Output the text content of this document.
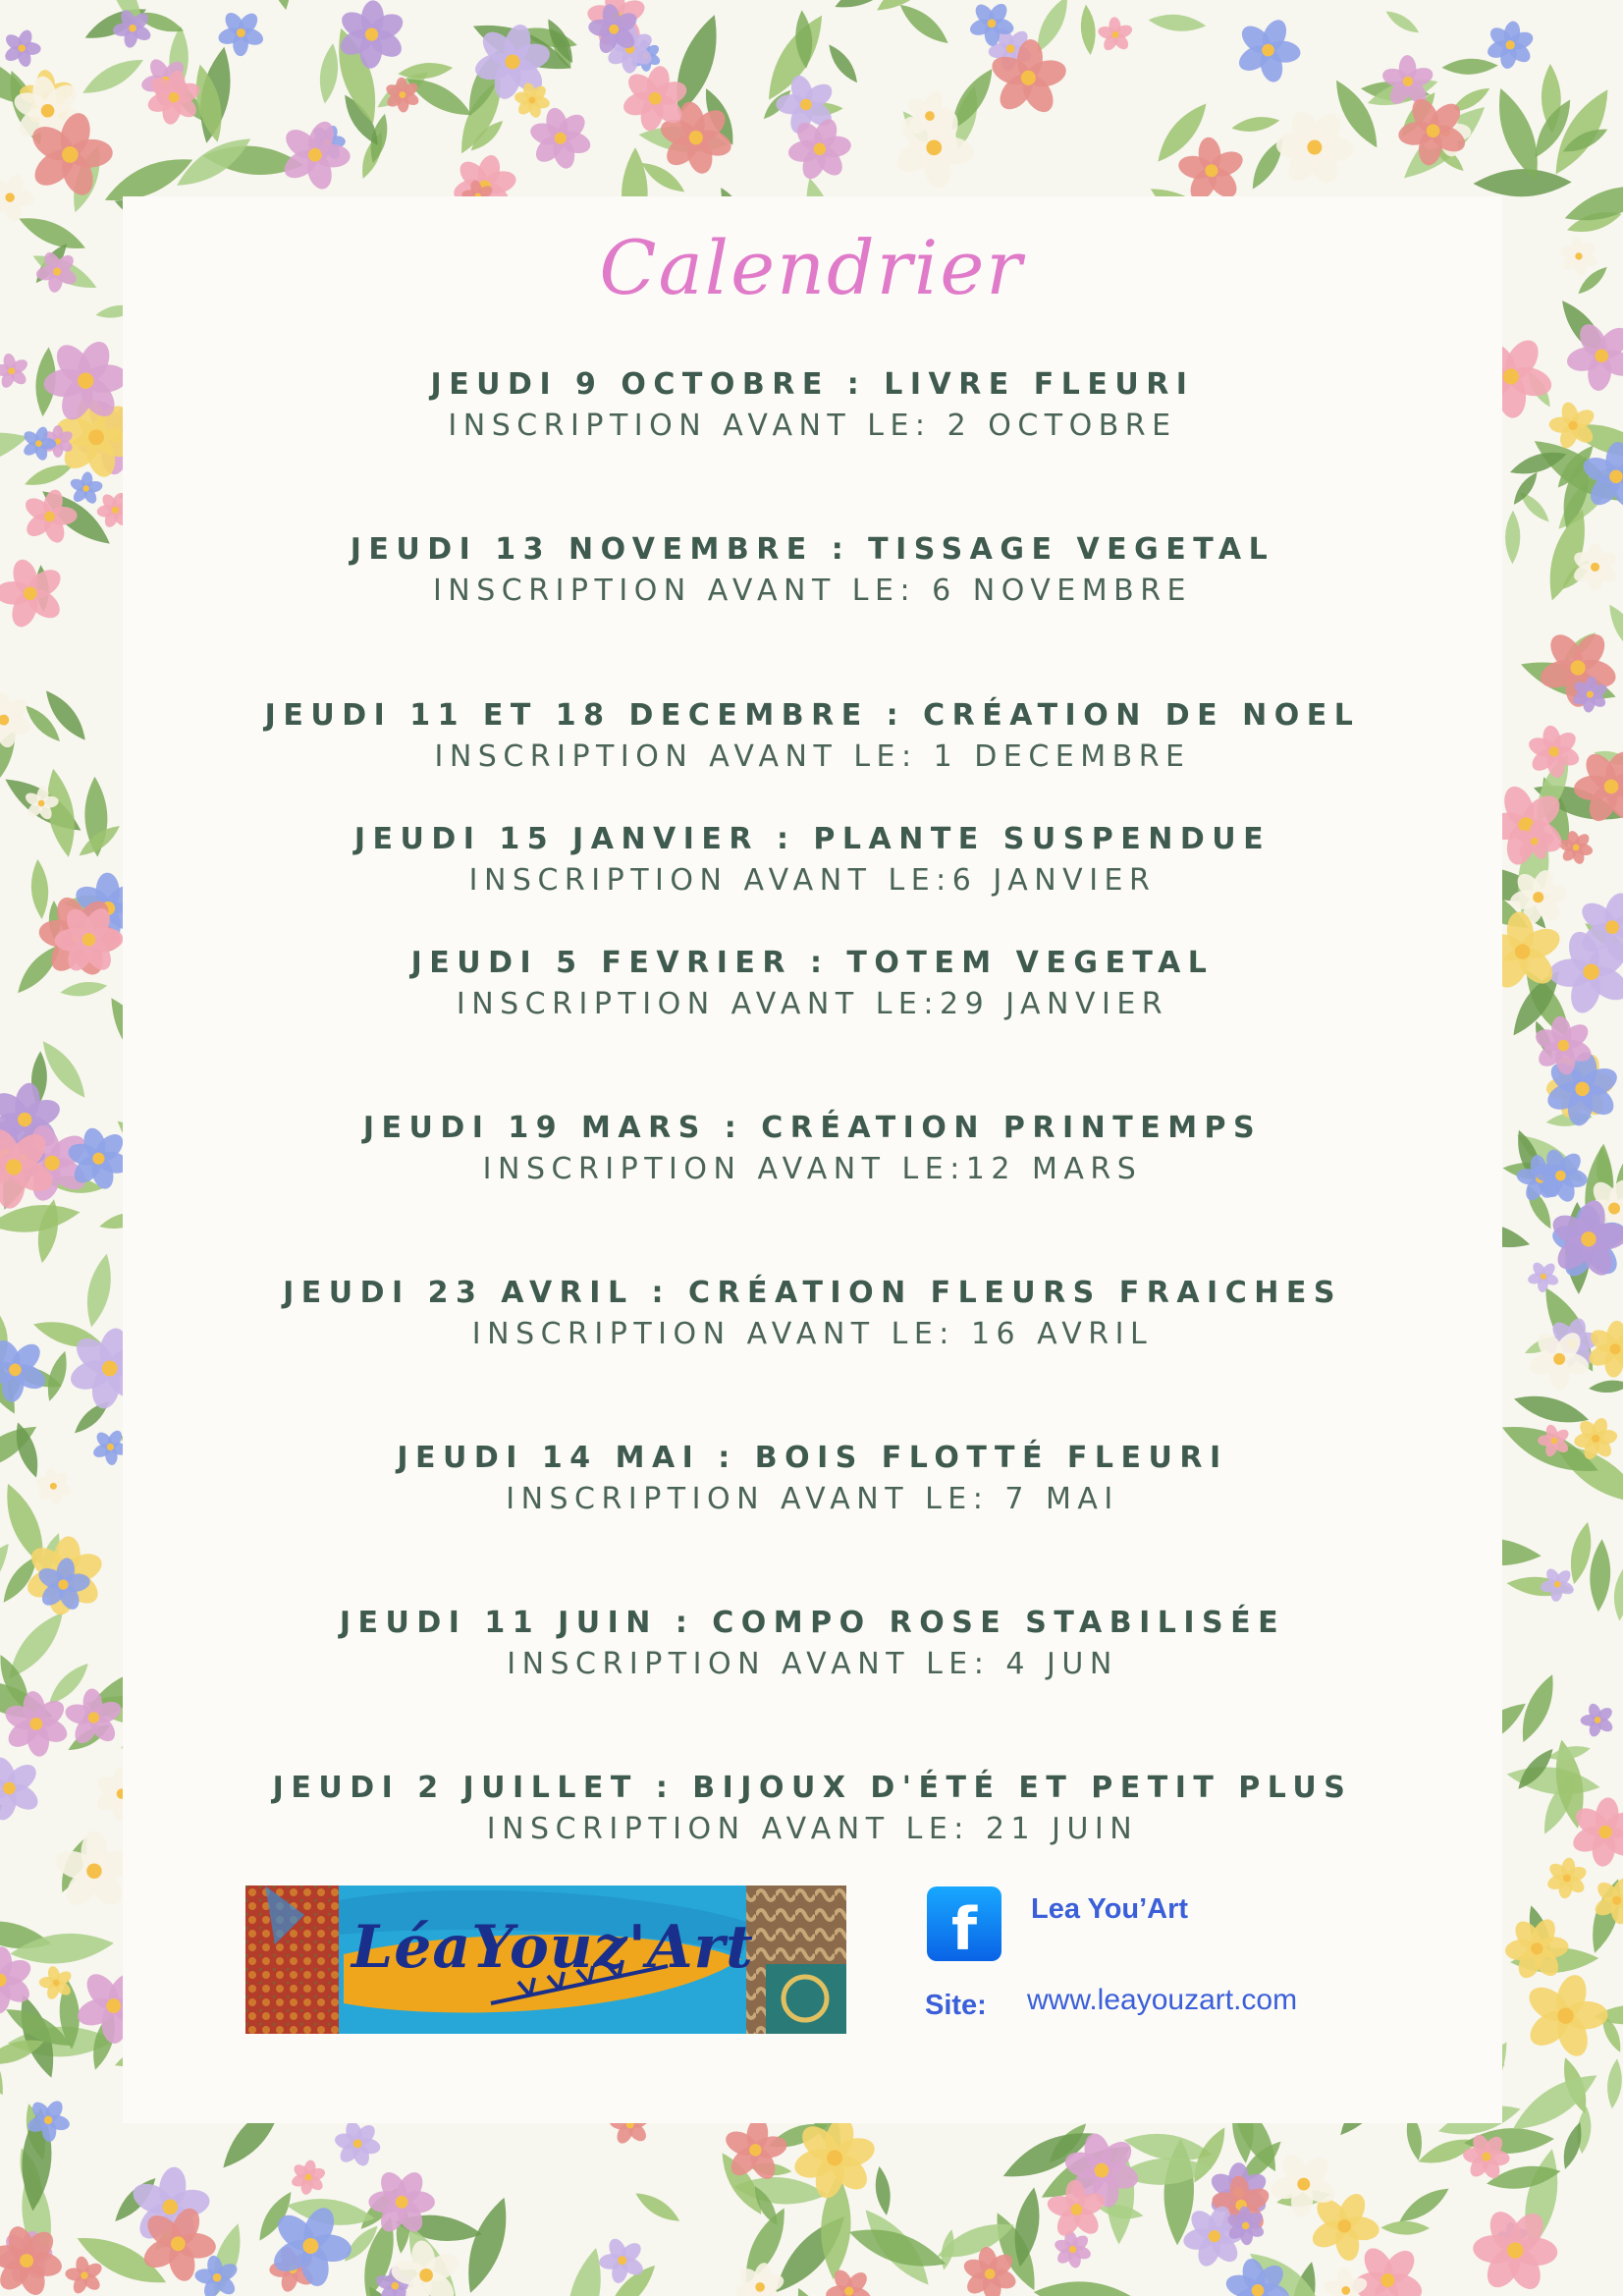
Calendrier
JEUDI 9 OCTOBRE : LIVRE FLEURI
INSCRIPTION AVANT LE: 2 OCTOBRE
JEUDI 13 NOVEMBRE : TISSAGE VEGETAL
INSCRIPTION AVANT LE: 6 NOVEMBRE
JEUDI 11 ET 18 DECEMBRE : CRÉATION DE NOEL
INSCRIPTION AVANT LE: 1 DECEMBRE
JEUDI 15 JANVIER : PLANTE SUSPENDUE
INSCRIPTION AVANT LE:6 JANVIER
JEUDI 5 FEVRIER : TOTEM VEGETAL
INSCRIPTION AVANT LE:29 JANVIER
JEUDI 19 MARS : CRÉATION PRINTEMPS
INSCRIPTION AVANT LE:12 MARS
JEUDI 23 AVRIL : CRÉATION FLEURS FRAICHES
INSCRIPTION AVANT LE: 16 AVRIL
JEUDI 14 MAI : BOIS FLOTTÉ FLEURI
INSCRIPTION AVANT LE: 7 MAI
JEUDI 11 JUIN : COMPO ROSE STABILISÉE
INSCRIPTION AVANT LE: 4 JUN
JEUDI 2 JUILLET : BIJOUX D'ÉTÉ ET PETIT PLUS
INSCRIPTION AVANT LE: 21 JUIN
LéaYouz'Art	f	Lea You’Art
Site: www.leayouzart.com
